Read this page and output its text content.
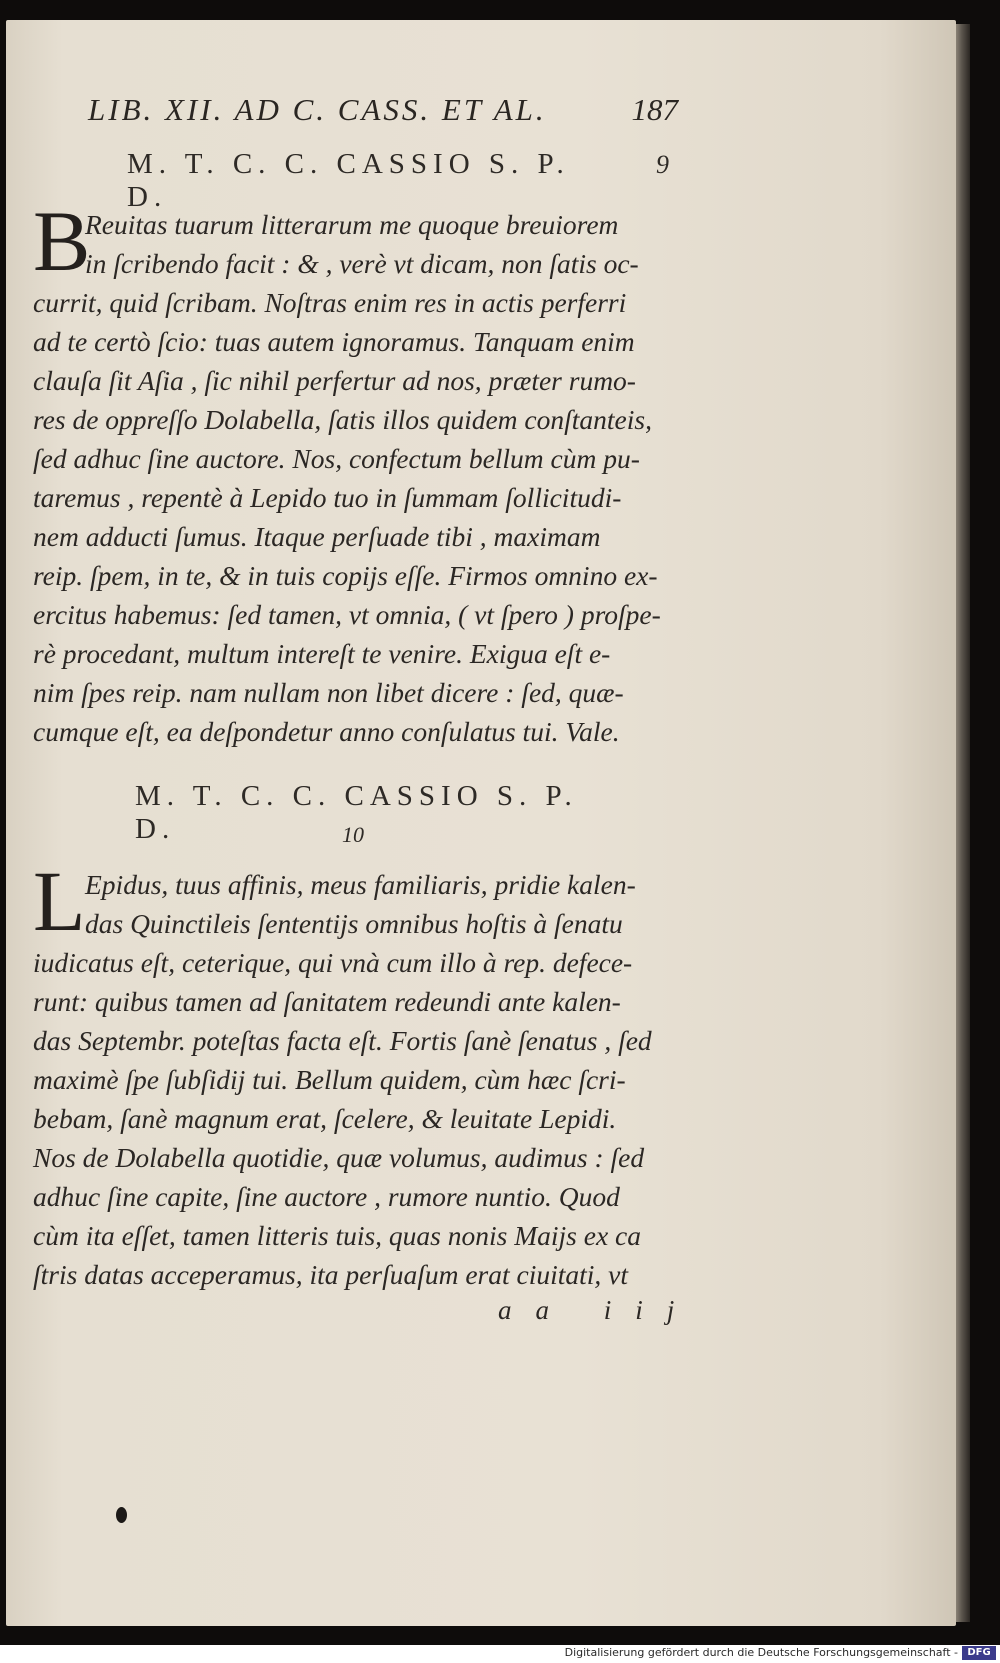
LIB. XII. AD C. CASS. ET AL.	187
M. T. C. C. CASSIO S. P. D.
9
B
Reuitas tuarum litterarum me quoque breuiorem
in ſcribendo facit : & , verè vt dicam, non ſatis oc-
currit, quid ſcribam. Noſtras enim res in actis perferri
ad te certò ſcio: tuas autem ignoramus. Tanquam enim
clauſa ſit Aſia , ſic nihil perfertur ad nos, præter rumo-
res de oppreſſo Dolabella, ſatis illos quidem conſtanteis,
ſed adhuc ſine auctore. Nos, confectum bellum cùm pu-
taremus , repentè à Lepido tuo in ſummam ſollicitudi-
nem adducti ſumus. Itaque perſuade tibi , maximam
reip. ſpem, in te, & in tuis copijs eſſe. Firmos omnino ex-
ercitus habemus: ſed tamen, vt omnia, ( vt ſpero ) proſpe-
rè procedant, multum intereſt te venire. Exigua eſt e-
nim ſpes reip. nam nullam non libet dicere : ſed, quæ-
cumque eſt, ea deſpondetur anno conſulatus tui. Vale.
M. T. C. C. CASSIO S. P. D.	10
L Epidus, tuus affinis, meus familiaris, pridie kalen-
das Quinctileis ſententijs omnibus hoſtis à ſenatu
iudicatus eſt, ceterique, qui vnà cum illo à rep. defece-
runt: quibus tamen ad ſanitatem redeundi ante kalen-
das Septembr. poteſtas facta eſt. Fortis ſanè ſenatus , ſed
maximè ſpe ſubſidij tui. Bellum quidem, cùm hæc ſcri-
bebam, ſanè magnum erat, ſcelere, & leuitate Lepidi.
Nos de Dolabella quotidie, quæ volumus, audimus : ſed
adhuc ſine capite, ſine auctore , rumore nuntio. Quod
cùm ita eſſet, tamen litteris tuis, quas nonis Maijs ex ca
ſtris datas acceperamus, ita perſuaſum erat ciuitati, vt
aa iij
Digitalisierung gefördert durch die Deutsche Forschungsgemeinschaft - DFG
